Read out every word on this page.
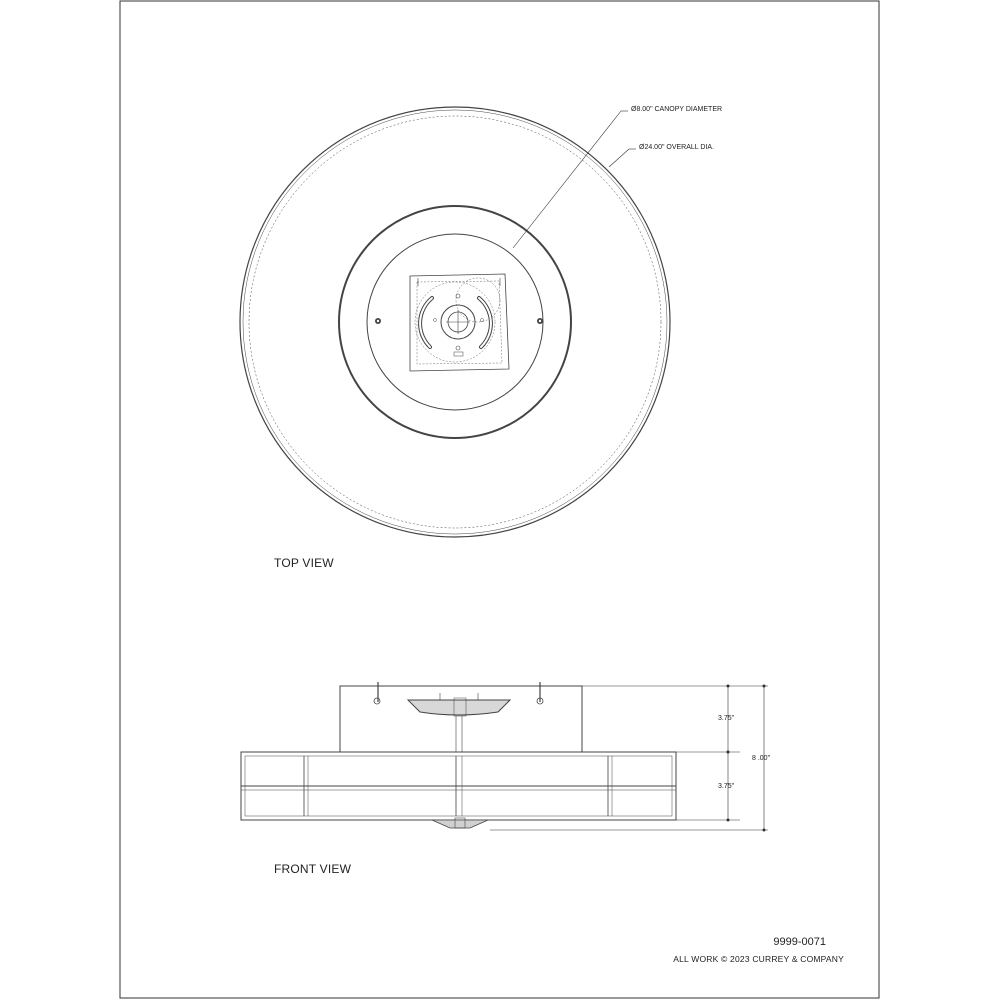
Ø8.00" CANOPY DIAMETER
Ø24.00" OVERALL DIA.
TOP VIEW
3.75"
3.75"
8 .00"
FRONT VIEW
9999-0071
ALL WORK © 2023 CURREY & COMPANY
